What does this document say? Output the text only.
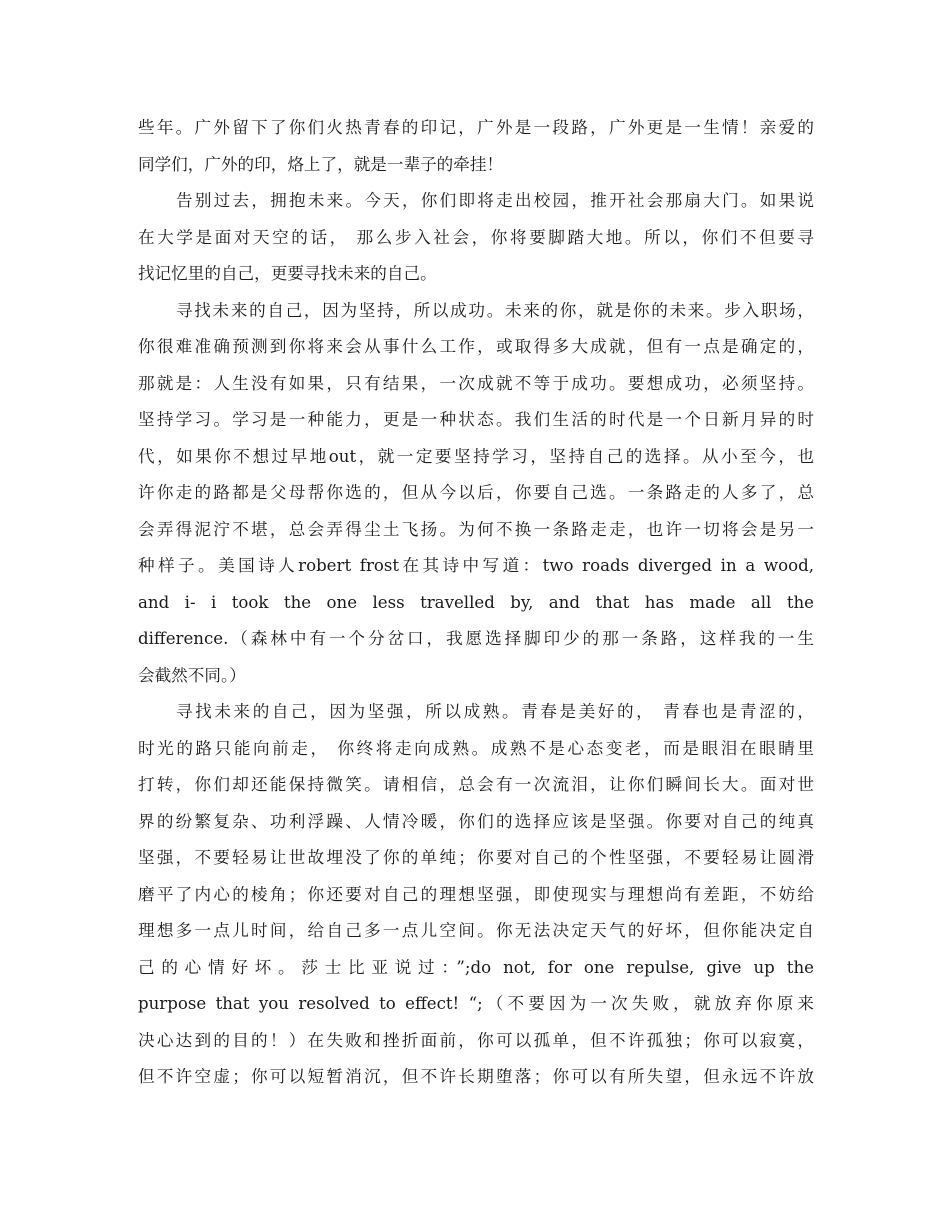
些年。广外留下了你们火热青春的印记，广外是一段路，广外更是一生情！亲爱的
同学们，广外的印，烙上了，就是一辈子的牵挂！
告别过去，拥抱未来。今天，你们即将走出校园，推开社会那扇大门。如果说
在大学是面对天空的话， 那么步入社会，你将要脚踏大地。所以，你们不但要寻
找记忆里的自己，更要寻找未来的自己。
寻找未来的自己，因为坚持，所以成功。未来的你，就是你的未来。步入职场，
你很难准确预测到你将来会从事什么工作，或取得多大成就，但有一点是确定的，
那就是：人生没有如果，只有结果，一次成就不等于成功。要想成功，必须坚持。
坚持学习。学习是一种能力，更是一种状态。我们生活的时代是一个日新月异的时
代，如果你不想过早地out，就一定要坚持学习，坚持自己的选择。从小至今，也
许你走的路都是父母帮你选的，但从今以后，你要自己选。一条路走的人多了，总
会弄得泥泞不堪，总会弄得尘土飞扬。为何不换一条路走走，也许一切将会是另一
种样子。美国诗人robert frost在其诗中写道：two roads diverged in a wood,
and i- i took the one less travelled by, and that has made all the
difference.（森林中有一个分岔口，我愿选择脚印少的那一条路，这样我的一生
会截然不同。）
寻找未来的自己，因为坚强，所以成熟。青春是美好的， 青春也是青涩的，
时光的路只能向前走， 你终将走向成熟。成熟不是心态变老，而是眼泪在眼睛里
打转，你们却还能保持微笑。请相信，总会有一次流泪，让你们瞬间长大。面对世
界的纷繁复杂、功利浮躁、人情冷暖，你们的选择应该是坚强。你要对自己的纯真
坚强，不要轻易让世故埋没了你的单纯；你要对自己的个性坚强，不要轻易让圆滑
磨平了内心的棱角；你还要对自己的理想坚强，即使现实与理想尚有差距，不妨给
理想多一点儿时间，给自己多一点儿空间。你无法决定天气的好坏，但你能决定自
己的心情好坏。莎士比亚说过：”;do not, for one repulse, give up the
purpose that you resolved to effect! “;（不要因为一次失败，就放弃你原来
决心达到的目的！）在失败和挫折面前，你可以孤单，但不许孤独；你可以寂寞，
但不许空虚；你可以短暂消沉，但不许长期堕落；你可以有所失望，但永远不许放
